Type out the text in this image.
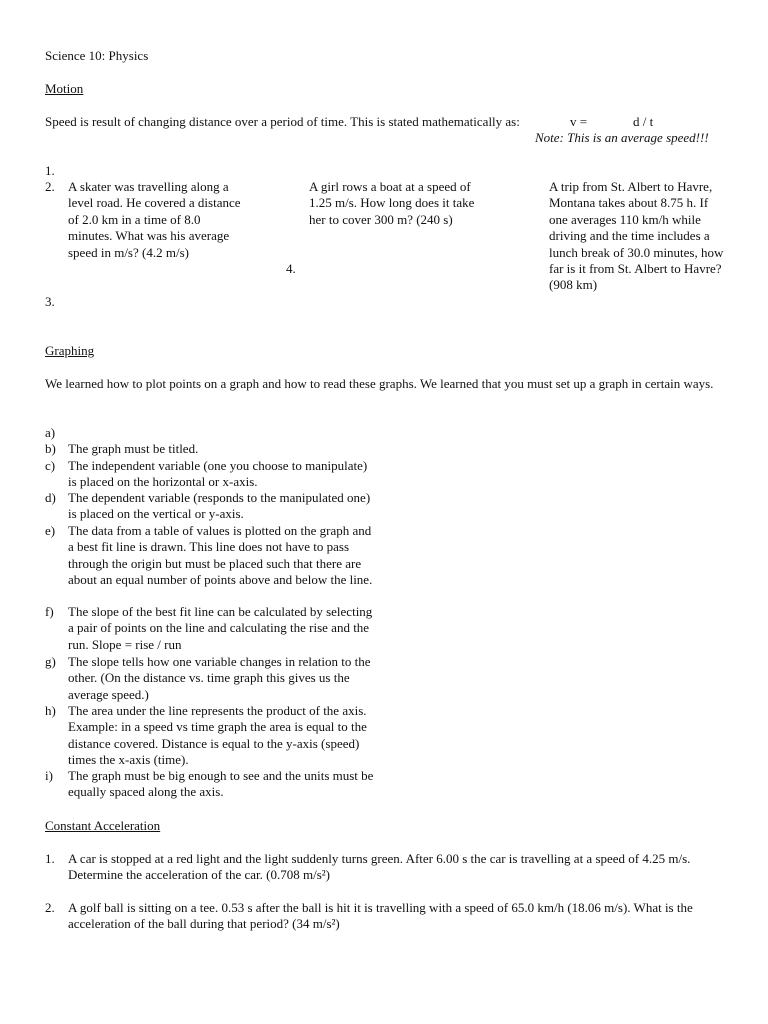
Science 10: Physics
Motion
Speed is result of changing distance over a period of time. This is stated mathematically as:	v =	d / t
Note: This is an average speed!!!
1.
2.
3.
4.
A skater was travelling along a level road. He covered a distance of 2.0 km in a time of 8.0 minutes. What was his average speed in m/s? (4.2 m/s)
A girl rows a boat at a speed of 1.25 m/s. How long does it take her to cover 300 m? (240 s)
A trip from St. Albert to Havre, Montana takes about 8.75 h. If one averages 110 km/h while driving and the time includes a lunch break of 30.0 minutes, how far is it from St. Albert to Havre? (908 km)
Graphing
We learned how to plot points on a graph and how to read these graphs. We learned that you must set up a graph in certain ways.
a)
b) The graph must be titled.
c) The independent variable (one you choose to manipulate) is placed on the horizontal or x-axis.
d) The dependent variable (responds to the manipulated one) is placed on the vertical or y-axis.
e) The data from a table of values is plotted on the graph and a best fit line is drawn. This line does not have to pass through the origin but must be placed such that there are about an equal number of points above and below the line.
f) The slope of the best fit line can be calculated by selecting a pair of points on the line and calculating the rise and the run. Slope = rise / run
g) The slope tells how one variable changes in relation to the other. (On the distance vs. time graph this gives us the average speed.)
h) The area under the line represents the product of the axis. Example: in a speed vs time graph the area is equal to the distance covered. Distance is equal to the y-axis (speed) times the x-axis (time).
i) The graph must be big enough to see and the units must be equally spaced along the axis.
Constant Acceleration
1. A car is stopped at a red light and the light suddenly turns green. After 6.00 s the car is travelling at a speed of 4.25 m/s. Determine the acceleration of the car. (0.708 m/s²)
2. A golf ball is sitting on a tee. 0.53 s after the ball is hit it is travelling with a speed of 65.0 km/h (18.06 m/s). What is the acceleration of the ball during that period? (34 m/s²)
